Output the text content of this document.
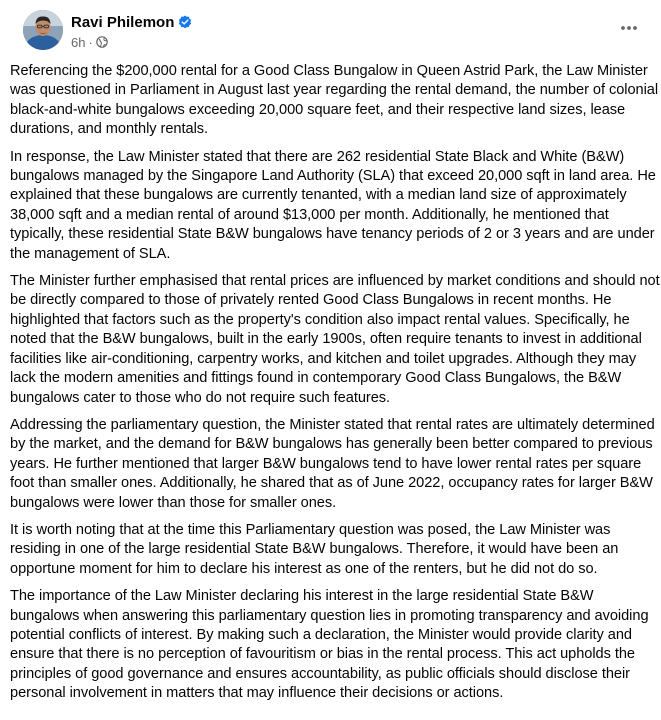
Ravi Philemon
6h ·

Referencing the $200,000 rental for a Good Class Bungalow in Queen Astrid Park, the Law Minister was questioned in Parliament in August last year regarding the rental demand, the number of colonial black-and-white bungalows exceeding 20,000 square feet, and their respective land sizes, lease durations, and monthly rentals.

In response, the Law Minister stated that there are 262 residential State Black and White (B&W) bungalows managed by the Singapore Land Authority (SLA) that exceed 20,000 sqft in land area. He explained that these bungalows are currently tenanted, with a median land size of approximately 38,000 sqft and a median rental of around $13,000 per month. Additionally, he mentioned that typically, these residential State B&W bungalows have tenancy periods of 2 or 3 years and are under the management of SLA.

The Minister further emphasised that rental prices are influenced by market conditions and should not be directly compared to those of privately rented Good Class Bungalows in recent months. He highlighted that factors such as the property's condition also impact rental values. Specifically, he noted that the B&W bungalows, built in the early 1900s, often require tenants to invest in additional facilities like air-conditioning, carpentry works, and kitchen and toilet upgrades. Although they may lack the modern amenities and fittings found in contemporary Good Class Bungalows, the B&W bungalows cater to those who do not require such features.

Addressing the parliamentary question, the Minister stated that rental rates are ultimately determined by the market, and the demand for B&W bungalows has generally been better compared to previous years. He further mentioned that larger B&W bungalows tend to have lower rental rates per square foot than smaller ones. Additionally, he shared that as of June 2022, occupancy rates for larger B&W bungalows were lower than those for smaller ones.

It is worth noting that at the time this Parliamentary question was posed, the Law Minister was residing in one of the large residential State B&W bungalows. Therefore, it would have been an opportune moment for him to declare his interest as one of the renters, but he did not do so.

The importance of the Law Minister declaring his interest in the large residential State B&W bungalows when answering this parliamentary question lies in promoting transparency and avoiding potential conflicts of interest. By making such a declaration, the Minister would provide clarity and ensure that there is no perception of favouritism or bias in the rental process. This act upholds the principles of good governance and ensures accountability, as public officials should disclose their personal involvement in matters that may influence their decisions or actions.
